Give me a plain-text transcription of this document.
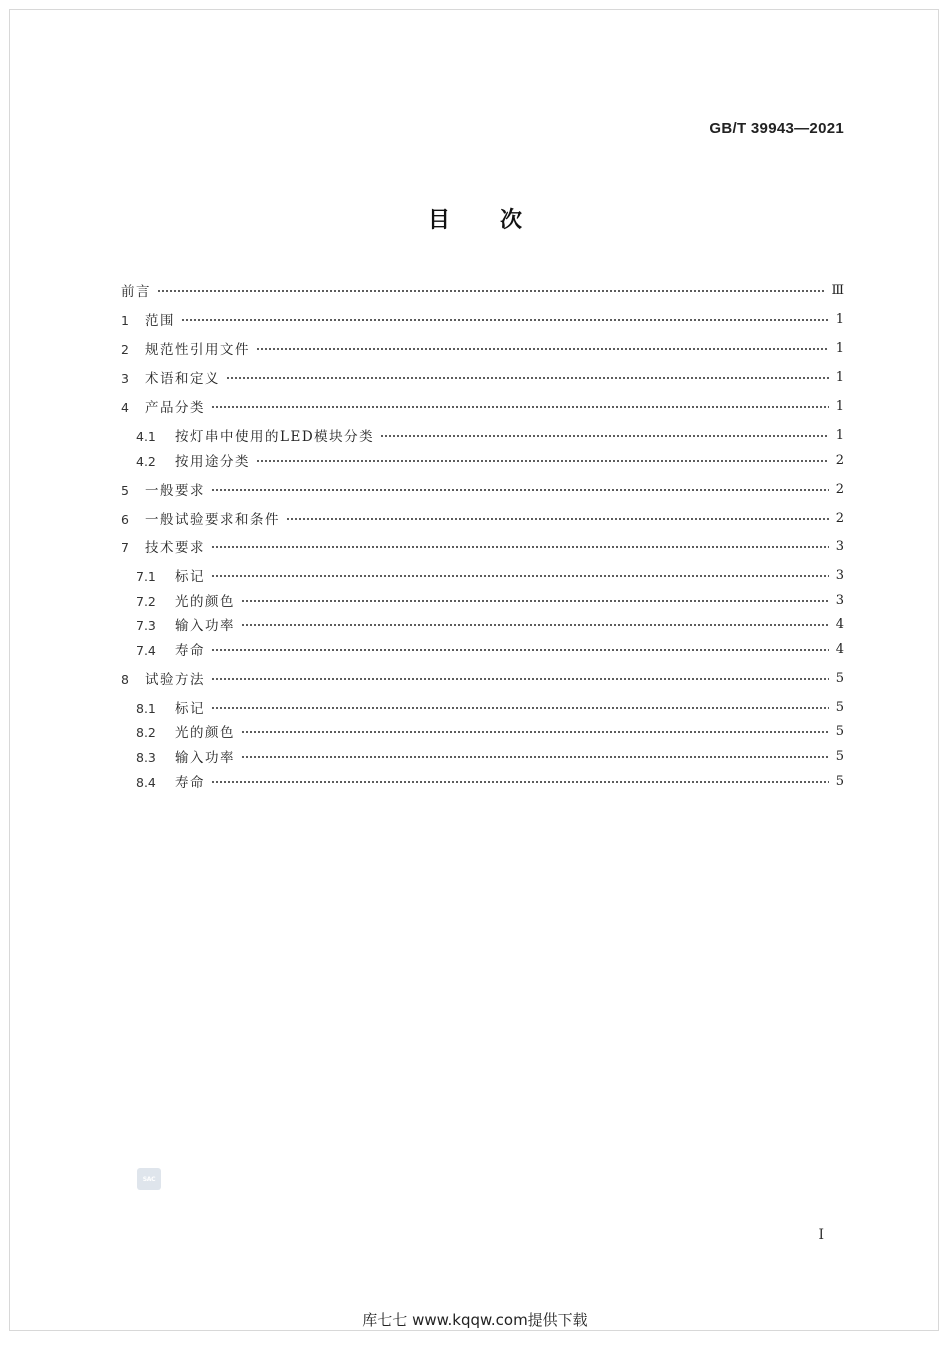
GB/T 39943—2021
目次
前言	Ⅲ
1 范围	1
2 规范性引用文件	1
3 术语和定义	1
4 产品分类	1
4.1 按灯串中使用的LED模块分类	1
4.2 按用途分类	2
5 一般要求	2
6 一般试验要求和条件	2
7 技术要求	3
7.1 标记	3
7.2 光的颜色	3
7.3 输入功率	4
7.4 寿命	4
8 试验方法	5
8.1 标记	5
8.2 光的颜色	5
8.3 输入功率	5
8.4 寿命	5
SAC
I
库七七 www.kqqw.com提供下载
